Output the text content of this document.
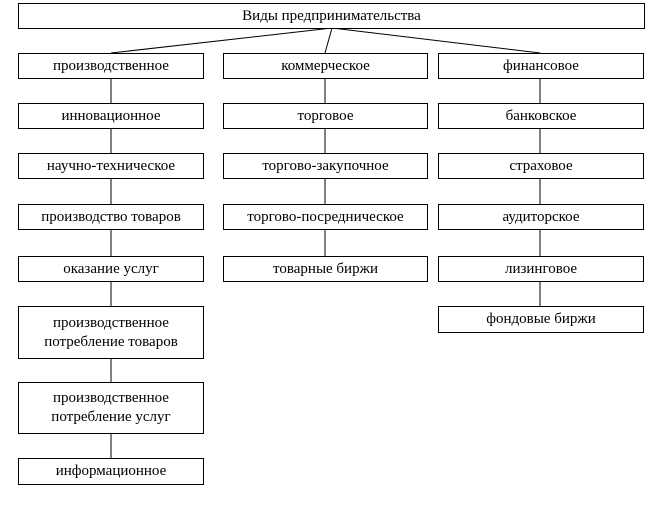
Виды предпринимательства
производственное
инновационное
научно-техническое
производство товаров
оказание услуг
производственное
потребление товаров
производственное
потребление услуг
информационное
коммерческое
торговое
торгово-закупочное
торгово-посредническое
товарные биржи
финансовое
банковское
страховое
аудиторское
лизинговое
фондовые биржи
